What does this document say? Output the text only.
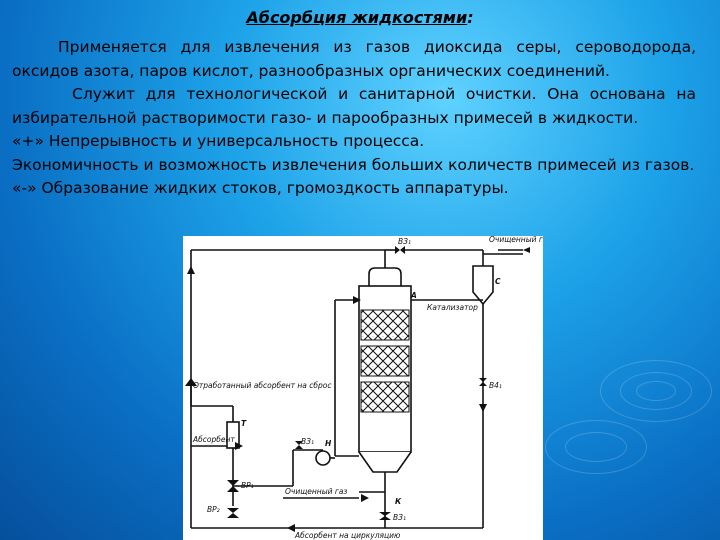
Абсорбция жидкостями:

Применяется для извлечения из газов диоксида серы, сероводорода, оксидов азота, паров кислот, разнообразных органических соединений.

Служит для технологической и санитарной очистки. Она основана на избирательной растворимости газо- и парообразных примесей в жидкости.

«+» Непрерывность и универсальность процесса.

Экономичность и возможность извлечения больших количеств примесей из газов.

«-» Образование жидких стоков, громоздкость аппаратуры.

ВЗ₁	Очищенный г
С
А
Катализатор
В4₁
Отработанный абсорбент на сброс
Абсорбент
Т
ВЗ₁ Н
ВР₁
Очищенный газ
К
ВР₂
ВЗ₁
Абсорбент на циркуляцию
